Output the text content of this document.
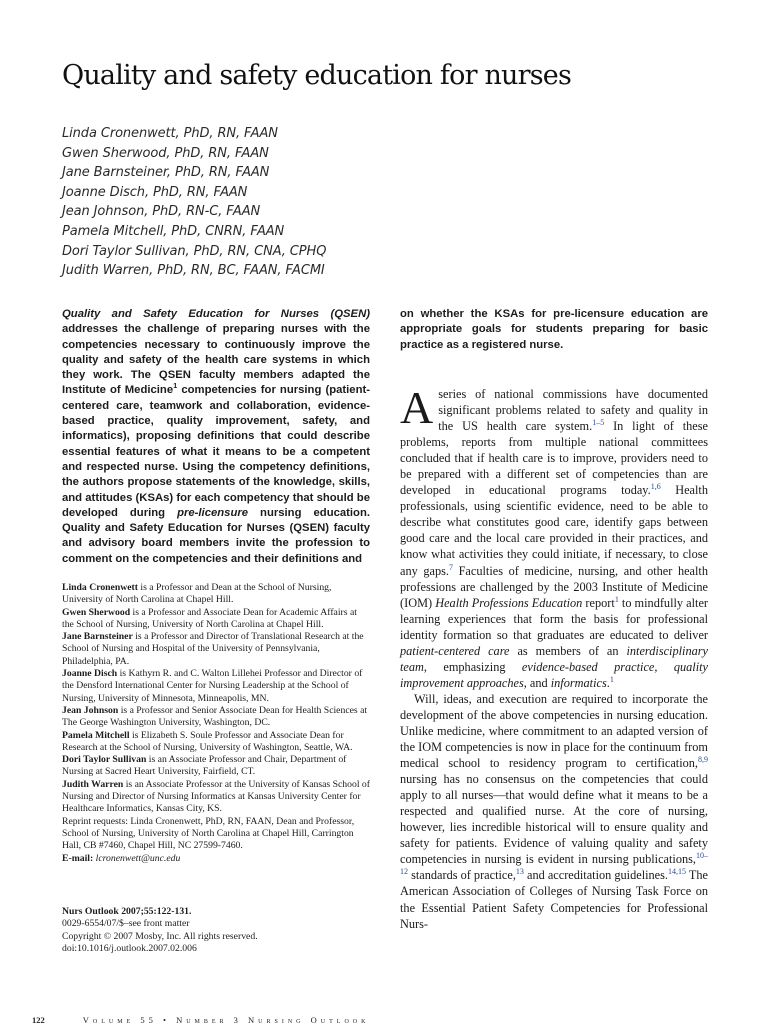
Quality and safety education for nurses
Linda Cronenwett, PhD, RN, FAAN
Gwen Sherwood, PhD, RN, FAAN
Jane Barnsteiner, PhD, RN, FAAN
Joanne Disch, PhD, RN, FAAN
Jean Johnson, PhD, RN-C, FAAN
Pamela Mitchell, PhD, CNRN, FAAN
Dori Taylor Sullivan, PhD, RN, CNA, CPHQ
Judith Warren, PhD, RN, BC, FAAN, FACMI

Quality and Safety Education for Nurses (QSEN) addresses the challenge of preparing nurses with the competencies necessary to continuously improve the quality and safety of the health care systems in which they work. The QSEN faculty members adapted the Institute of Medicine$^1$ competencies for nursing (patient-centered care, teamwork and collaboration, evidence-based practice, quality improvement, safety, and informatics), proposing definitions that could describe essential features of what it means to be a competent and respected nurse. Using the competency definitions, the authors propose statements of the knowledge, skills, and attitudes (KSAs) for each competency that should be developed during pre-licensure nursing education. Quality and Safety Education for Nurses (QSEN) faculty and advisory board members invite the profession to comment on the competencies and their definitions and

on whether the KSAs for pre-licensure education are appropriate goals for students preparing for basic practice as a registered nurse.

Linda Cronenwett is a Professor and Dean at the School of Nursing, University of North Carolina at Chapel Hill.

Gwen Sherwood is a Professor and Associate Dean for Academic Affairs at the School of Nursing, University of North Carolina at Chapel Hill.

Jane Barnsteiner is a Professor and Director of Translational Research at the School of Nursing and Hospital of the University of Pennsylvania, Philadelphia, PA.

Joanne Disch is Kathyrn R. and C. Walton Lillehei Professor and Director of the Densford International Center for Nursing Leadership at the School of Nursing, University of Minnesota, Minneapolis, MN.

Jean Johnson is a Professor and Senior Associate Dean for Health Sciences at The George Washington University, Washington, DC.

Pamela Mitchell is Elizabeth S. Soule Professor and Associate Dean for Research at the School of Nursing, University of Washington, Seattle, WA.

Dori Taylor Sullivan is an Associate Professor and Chair, Department of Nursing at Sacred Heart University, Fairfield, CT.

Judith Warren is an Associate Professor at the University of Kansas School of Nursing and Director of Nursing Informatics at Kansas University Center for Healthcare Informatics, Kansas City, KS.

Reprint requests: Linda Cronenwett, PhD, RN, FAAN, Dean and Professor, School of Nursing, University of North Carolina at Chapel Hill, Carrington Hall, CB #7460, Chapel Hill, NC 27599-7460.

E-mail: lcronenwett@unc.edu

Nurs Outlook 2007;55:122-131.

0029-6554/07/$–see front matter

Copyright © 2007 Mosby, Inc. All rights reserved.

doi:10.1016/j.outlook.2007.02.006

A series of national commissions have documented significant problems related to safety and quality in the US health care system.$^{1-5}$ In light of these problems, reports from multiple national committees concluded that if health care is to improve, providers need to be prepared with a different set of competencies than are developed in educational programs today.$^{1,6}$ Health professionals, using scientific evidence, need to be able to describe what constitutes good care, identify gaps between good care and the local care provided in their practices, and know what activities they could initiate, if necessary, to close any gaps.$^7$ Faculties of medicine, nursing, and other health professions are challenged by the 2003 Institute of Medicine (IOM) Health Professions Education report$^1$ to mindfully alter learning experiences that form the basis for professional identity formation so that graduates are educated to deliver patient-centered care as members of an interdisciplinary team, emphasizing evidence-based practice, quality improvement approaches, and informatics.$^1$

Will, ideas, and execution are required to incorporate the development of the above competencies in nursing education. Unlike medicine, where commitment to an adapted version of the IOM competencies is now in place for the continuum from medical school to residency program to certification,$^{8,9}$ nursing has no consensus on the competencies that could apply to all nurses—that would define what it means to be a respected and qualified nurse. At the core of nursing, however, lies incredible historical will to ensure quality and safety for patients. Evidence of valuing quality and safety competencies in nursing is evident in nursing publications,$^{10-12}$ standards of practice,$^{13}$ and accreditation guidelines.$^{14,15}$ The American Association of Colleges of Nursing Task Force on the Essential Patient Safety Competencies for Professional Nurs-

122	Volume 55 • Number 3 Nursing Outlook
